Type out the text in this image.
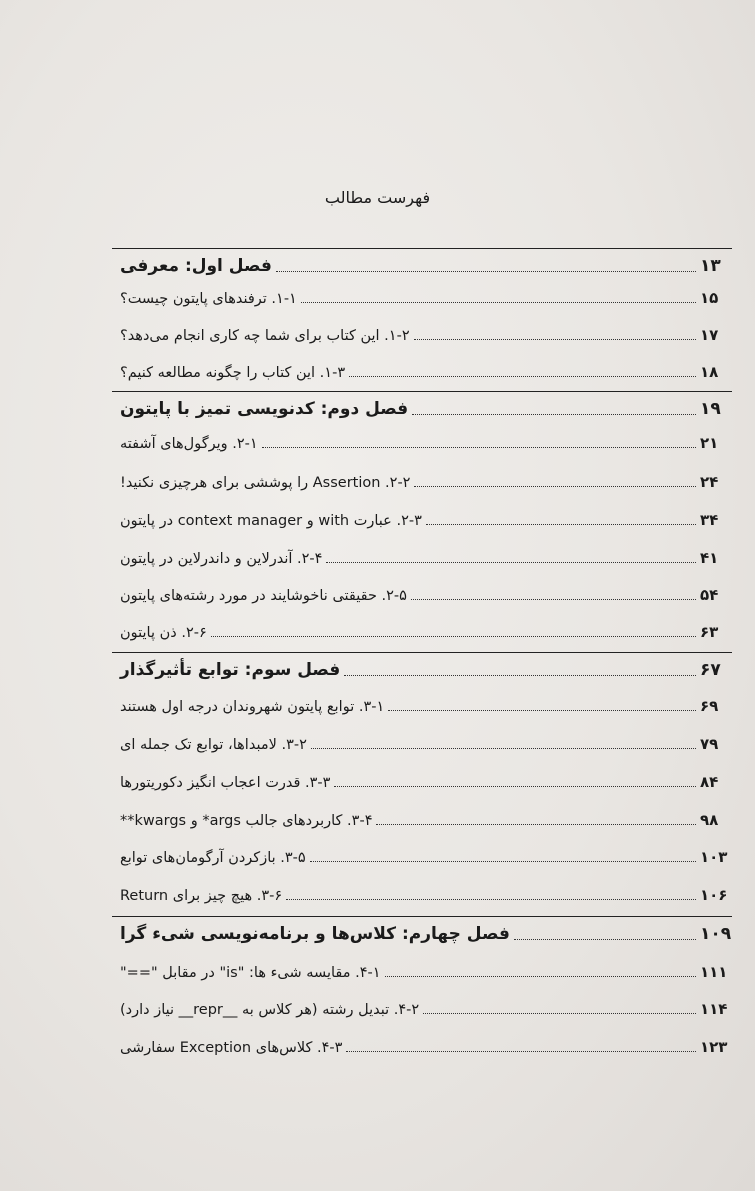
فهرست مطالب
فصل اول: معرفی	۱۳
۱-۱. ترفندهای پایتون چیست؟	۱۵
۱-۲. این کتاب برای شما چه کاری انجام می‌دهد؟	۱۷
۱-۳. این کتاب را چگونه مطالعه کنیم؟	۱۸
فصل دوم: کدنویسی تمیز با پایتون	۱۹
۲-۱. ویرگول‌های آشفته	۲۱
۲-۲. Assertion را پوششی برای هرچیزی نکنید!	۲۴
۲-۳. عبارت with و context manager در پایتون	۳۴
۲-۴. آندرلاین و داندرلاین در پایتون	۴۱
۲-۵. حقیقتی ناخوشایند در مورد رشته‌های پایتون	۵۴
۲-۶. ذن پایتون	۶۳
فصل سوم: توابع تأثیرگذار	۶۷
۳-۱. توابع پایتون شهروندان درجه اول هستند	۶۹
۳-۲. لامبداها، توابع تک جمله ای	۷۹
۳-۳. قدرت اعجاب انگیز دکوریتورها	۸۴
۳-۴. کاربردهای جالب args* و kwargs**	۹۸
۳-۵. بازکردن آرگومان‌های توابع	۱۰۳
۳-۶. هیچ چیز برای Return	۱۰۶
فصل چهارم: کلاس‌ها و برنامه‌نویسی شیء گرا	۱۰۹
۴-۱. مقایسه شیء ها: "is" در مقابل "=="	۱۱۱
۴-۲. تبدیل رشته (هر کلاس به __repr__ نیاز دارد)	۱۱۴
۴-۳. کلاس‌های Exception سفارشی	۱۲۳
